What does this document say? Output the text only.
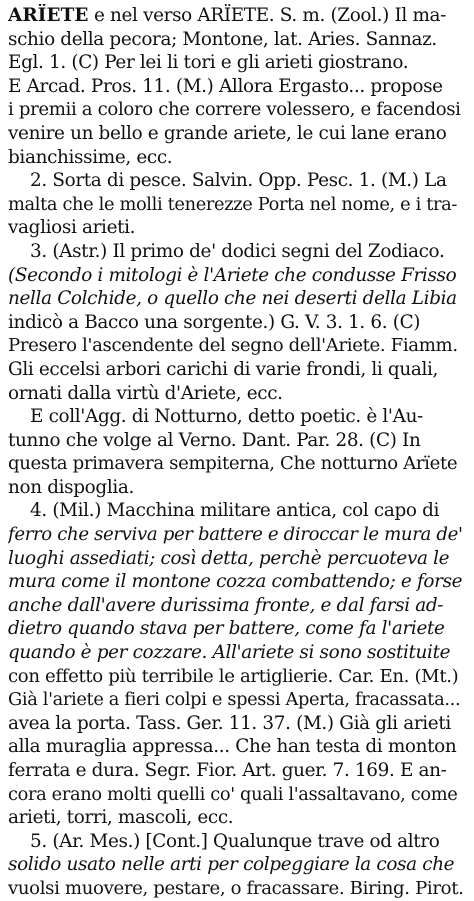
ARÏETE e nel verso ARÏETE. S. m. (Zool.) Il ma-
schio della pecora; Montone, lat. Aries. Sannaz.
Egl. 1. (C) Per lei li tori e gli arieti giostrano.
E Arcad. Pros. 11. (M.) Allora Ergasto... propose
i premii a coloro che correre volessero, e facendosi
venire un bello e grande ariete, le cui lane erano
bianchissime, ecc.
2. Sorta di pesce. Salvin. Opp. Pesc. 1. (M.) La
malta che le molli tenerezze Porta nel nome, e i tra-
vagliosi arieti.
3. (Astr.) Il primo de' dodici segni del Zodiaco.
(Secondo i mitologi è l'Ariete che condusse Frisso
nella Colchide, o quello che nei deserti della Libia
indicò a Bacco una sorgente.) G. V. 3. 1. 6. (C)
Presero l'ascendente del segno dell'Ariete. Fiamm.
Gli eccelsi arbori carichi di varie frondi, li quali,
ornati dalla virtù d'Ariete, ecc.
E coll'Agg. di Notturno, detto poetic. è l'Au-
tunno che volge al Verno. Dant. Par. 28. (C) In
questa primavera sempiterna, Che notturno Arïete
non dispoglia.
4. (Mil.) Macchina militare antica, col capo di
ferro che serviva per battere e diroccar le mura de'
luoghi assediati; così detta, perchè percuoteva le
mura come il montone cozza combattendo; e forse
anche dall'avere durissima fronte, e dal farsi ad-
dietro quando stava per battere, come fa l'ariete
quando è per cozzare. All'ariete si sono sostituite
con effetto più terribile le artiglierie. Car. En. (Mt.)
Già l'ariete a fieri colpi e spessi Aperta, fracassata...
avea la porta. Tass. Ger. 11. 37. (M.) Già gli arieti
alla muraglia appressa... Che han testa di monton
ferrata e dura. Segr. Fior. Art. guer. 7. 169. E an-
cora erano molti quelli co' quali l'assaltavano, come
arieti, torri, mascoli, ecc.
5. (Ar. Mes.) [Cont.] Qualunque trave od altro
solido usato nelle arti per colpeggiare la cosa che
vuolsi muovere, pestare, o fracassare. Biring. Pirot.
